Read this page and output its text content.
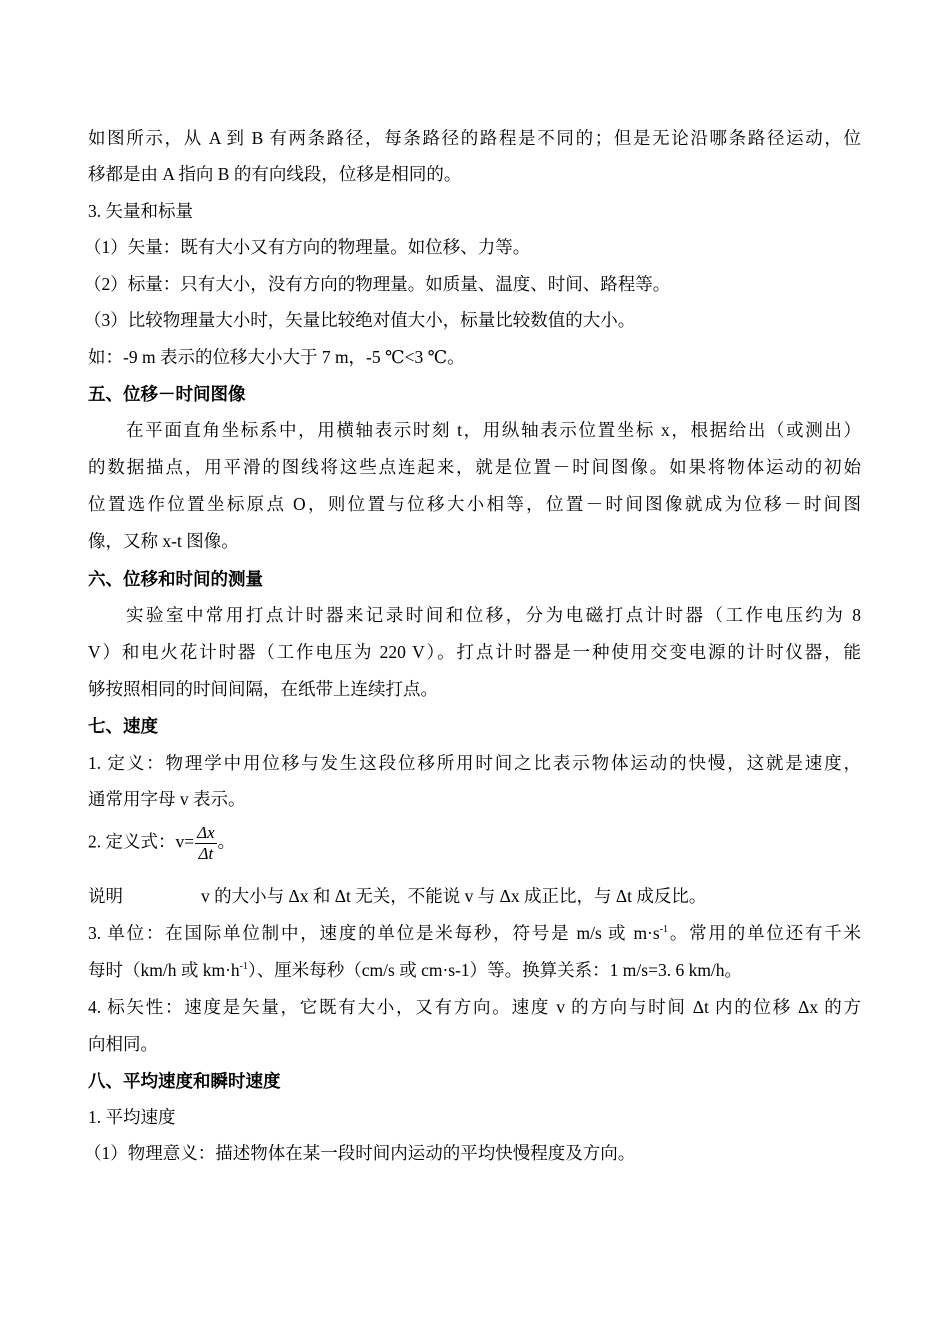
如图所示，从 A 到 B 有两条路径，每条路径的路程是不同的；但是无论沿哪条路径运动，位
移都是由 A 指向 B 的有向线段，位移是相同的。
3. 矢量和标量
（1）矢量：既有大小又有方向的物理量。如位移、力等。
（2）标量：只有大小，没有方向的物理量。如质量、温度、时间、路程等。
（3）比较物理量大小时，矢量比较绝对值大小，标量比较数值的大小。
如：-9 m 表示的位移大小大于 7 m，-5 ℃<3 ℃。
五、位移－时间图像
在平面直角坐标系中，用横轴表示时刻 t，用纵轴表示位置坐标 x，根据给出（或测出）
的数据描点，用平滑的图线将这些点连起来，就是位置－时间图像。如果将物体运动的初始
位置选作位置坐标原点 O，则位置与位移大小相等，位置－时间图像就成为位移－时间图
像，又称 x-t 图像。
六、位移和时间的测量
实验室中常用打点计时器来记录时间和位移，分为电磁打点计时器（工作电压约为 8
V）和电火花计时器（工作电压为 220 V）。打点计时器是一种使用交变电源的计时仪器，能
够按照相同的时间间隔，在纸带上连续打点。
七、速度
1. 定义：物理学中用位移与发生这段位移所用时间之比表示物体运动的快慢，这就是速度，
通常用字母 v 表示。
2. 定义式：$v= \frac{\Delta x}{\Delta t}$ 。
说明	v 的大小与 Δx 和 Δt 无关，不能说 v 与 Δx 成正比，与 Δt 成反比。
3. 单位：在国际单位制中，速度的单位是米每秒，符号是 m/s 或 $m\cdot s^{-1}$。常用的单位还有千米
每时（km/h 或 $km\cdot h^{-1}$）、厘米每秒（cm/s 或 cm·s-1）等。换算关系：1 m/s=3. 6 km/h。
4. 标矢性：速度是矢量，它既有大小，又有方向。速度 v 的方向与时间 Δt 内的位移 Δx 的方
向相同。
八、平均速度和瞬时速度
1. 平均速度
（1）物理意义：描述物体在某一段时间内运动的平均快慢程度及方向。
